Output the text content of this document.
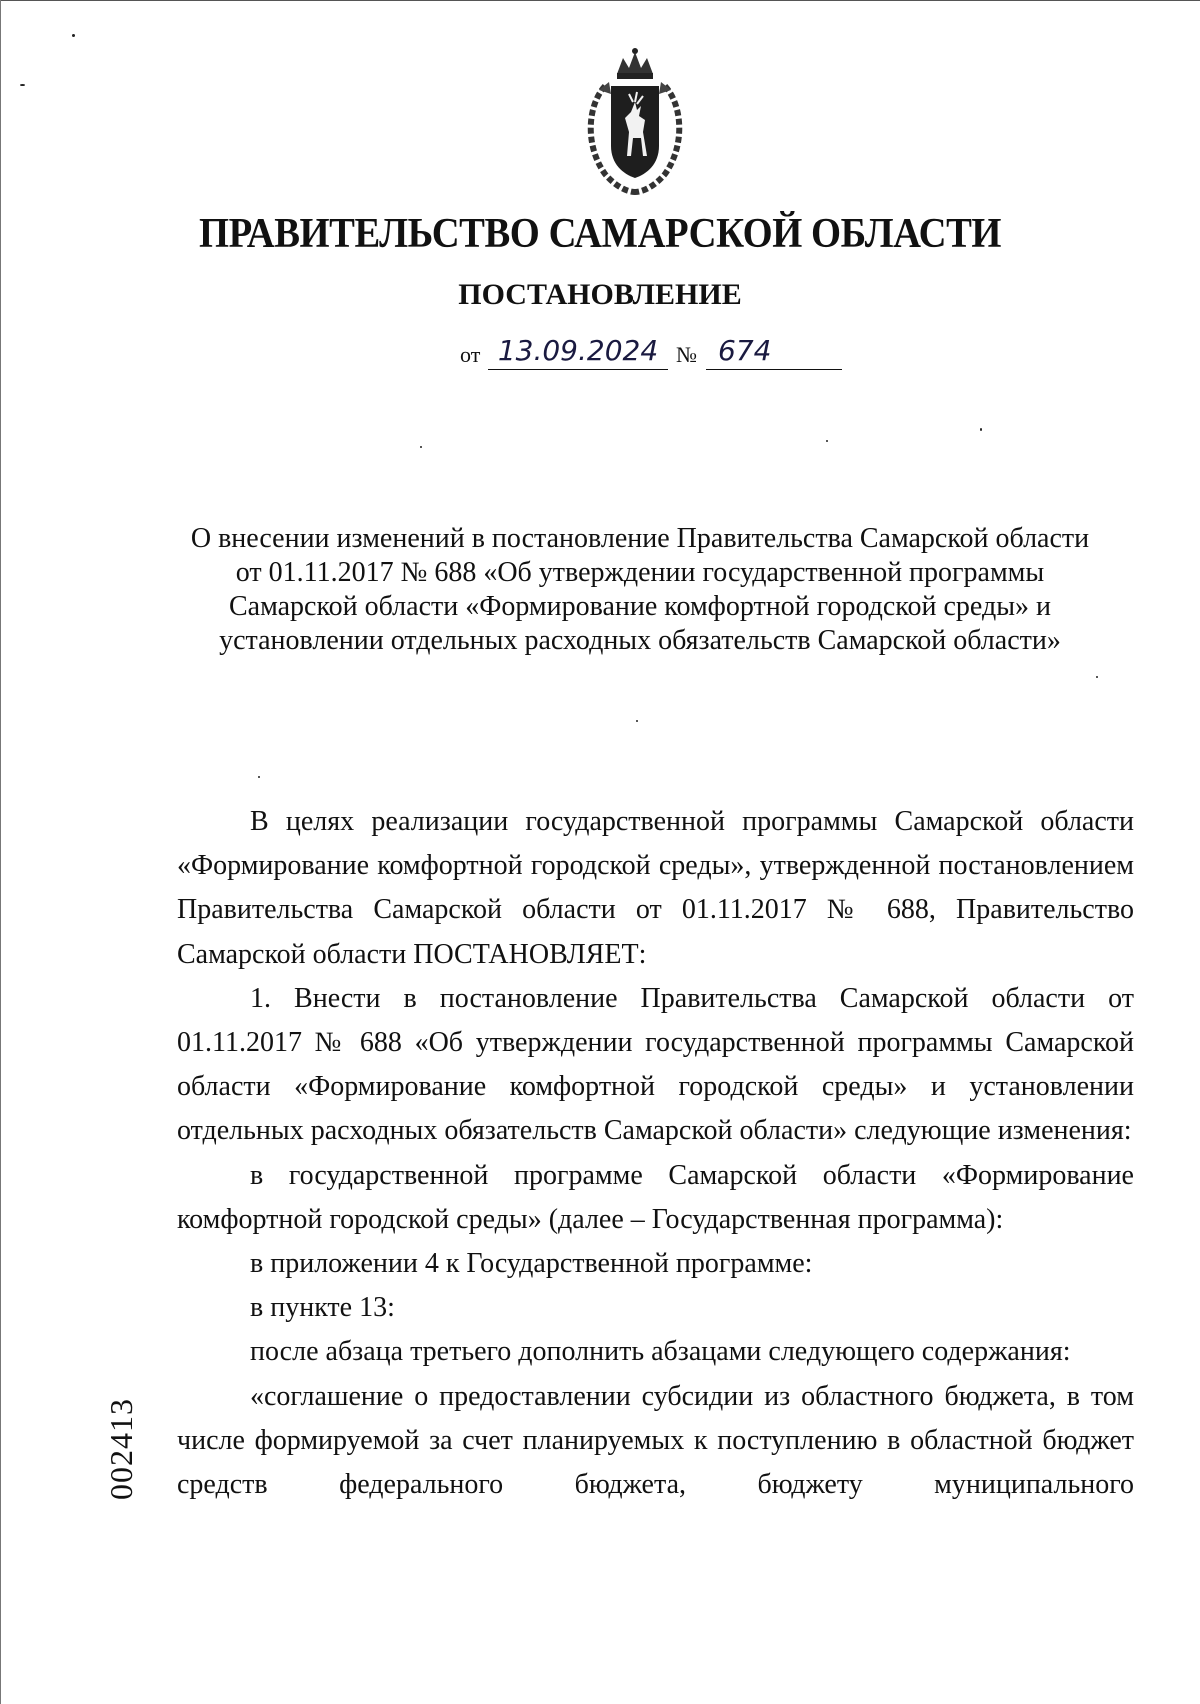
ПРАВИТЕЛЬСТВО САМАРСКОЙ ОБЛАСТИ
ПОСТАНОВЛЕНИЕ
от 13.09.2024 № 674
О внесении изменений в постановление Правительства Самарской области
от 01.11.2017 № 688 «Об утверждении государственной программы
Самарской области «Формирование комфортной городской среды» и
установлении отдельных расходных обязательств Самарской области»

В целях реализации государственной программы Самарской области «Формирование комфортной городской среды», утвержденной постановлением Правительства Самарской области от 01.11.2017 № 688, Правительство Самарской области ПОСТАНОВЛЯЕТ:

1. Внести в постановление Правительства Самарской области от 01.11.2017 № 688 «Об утверждении государственной программы Самарской области «Формирование комфортной городской среды» и установлении отдельных расходных обязательств Самарской области» следующие изменения:

в государственной программе Самарской области «Формирование комфортной городской среды» (далее – Государственная программа):

в приложении 4 к Государственной программе:

в пункте 13:

после абзаца третьего дополнить абзацами следующего содержания:

«соглашение о предоставлении субсидии из областного бюджета, в том числе формируемой за счет планируемых к поступлению в областной бюджет средств федерального бюджета, бюджету муниципального

002413
